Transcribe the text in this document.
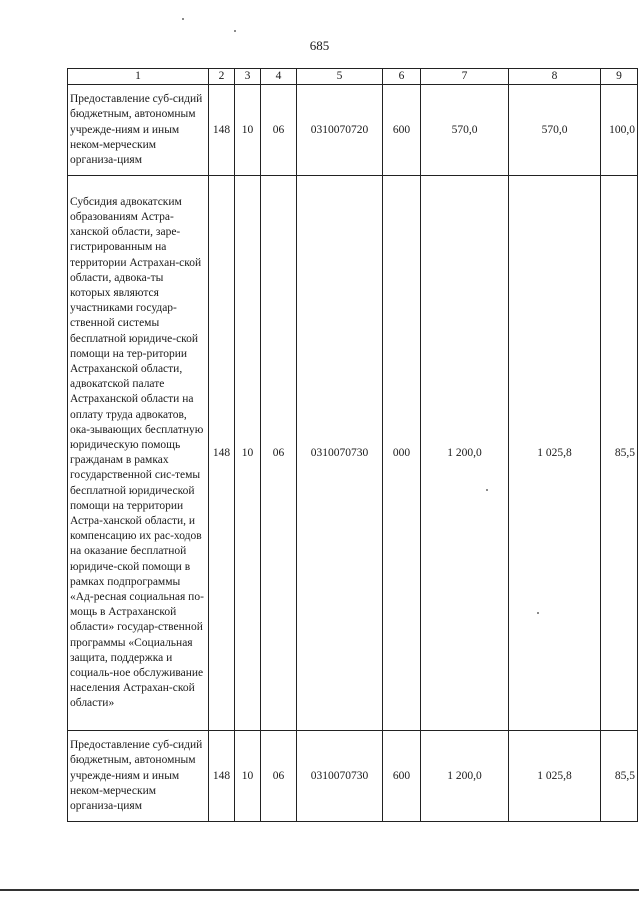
685
1	2	3	4	5	6	7	8	9
Предоставление суб-сидий бюджетным, автономным учрежде-ниям и иным неком-мерческим организа-циям	148	10	06	0310070720	600	570,0	570,0	100,0
Субсидия адвокатским образованиям Астра-ханской области, заре-гистрированным на территории Астрахан-ской области, адвока-ты которых являются участниками государ-ственной системы бесплатной юридиче-ской помощи на тер-ритории Астраханской области, адвокатской палате Астраханской области на оплату труда адвокатов, ока-зывающих бесплатную юридическую помощь гражданам в рамках государственной сис-темы бесплатной юридической помощи на территории Астра-ханской области, и компенсацию их рас-ходов на оказание бесплатной юридиче-ской помощи в рамках подпрограммы «Ад-ресная социальная по-мощь в Астраханской области» государ-ственной программы «Социальная защита, поддержка и социаль-ное обслуживание населения Астрахан-ской области»	148	10	06	0310070730	000	1 200,0	1 025,8	85,5
Предоставление суб-сидий бюджетным, автономным учрежде-ниям и иным неком-мерческим организа-циям	148	10	06	0310070730	600	1 200,0	1 025,8	85,5
